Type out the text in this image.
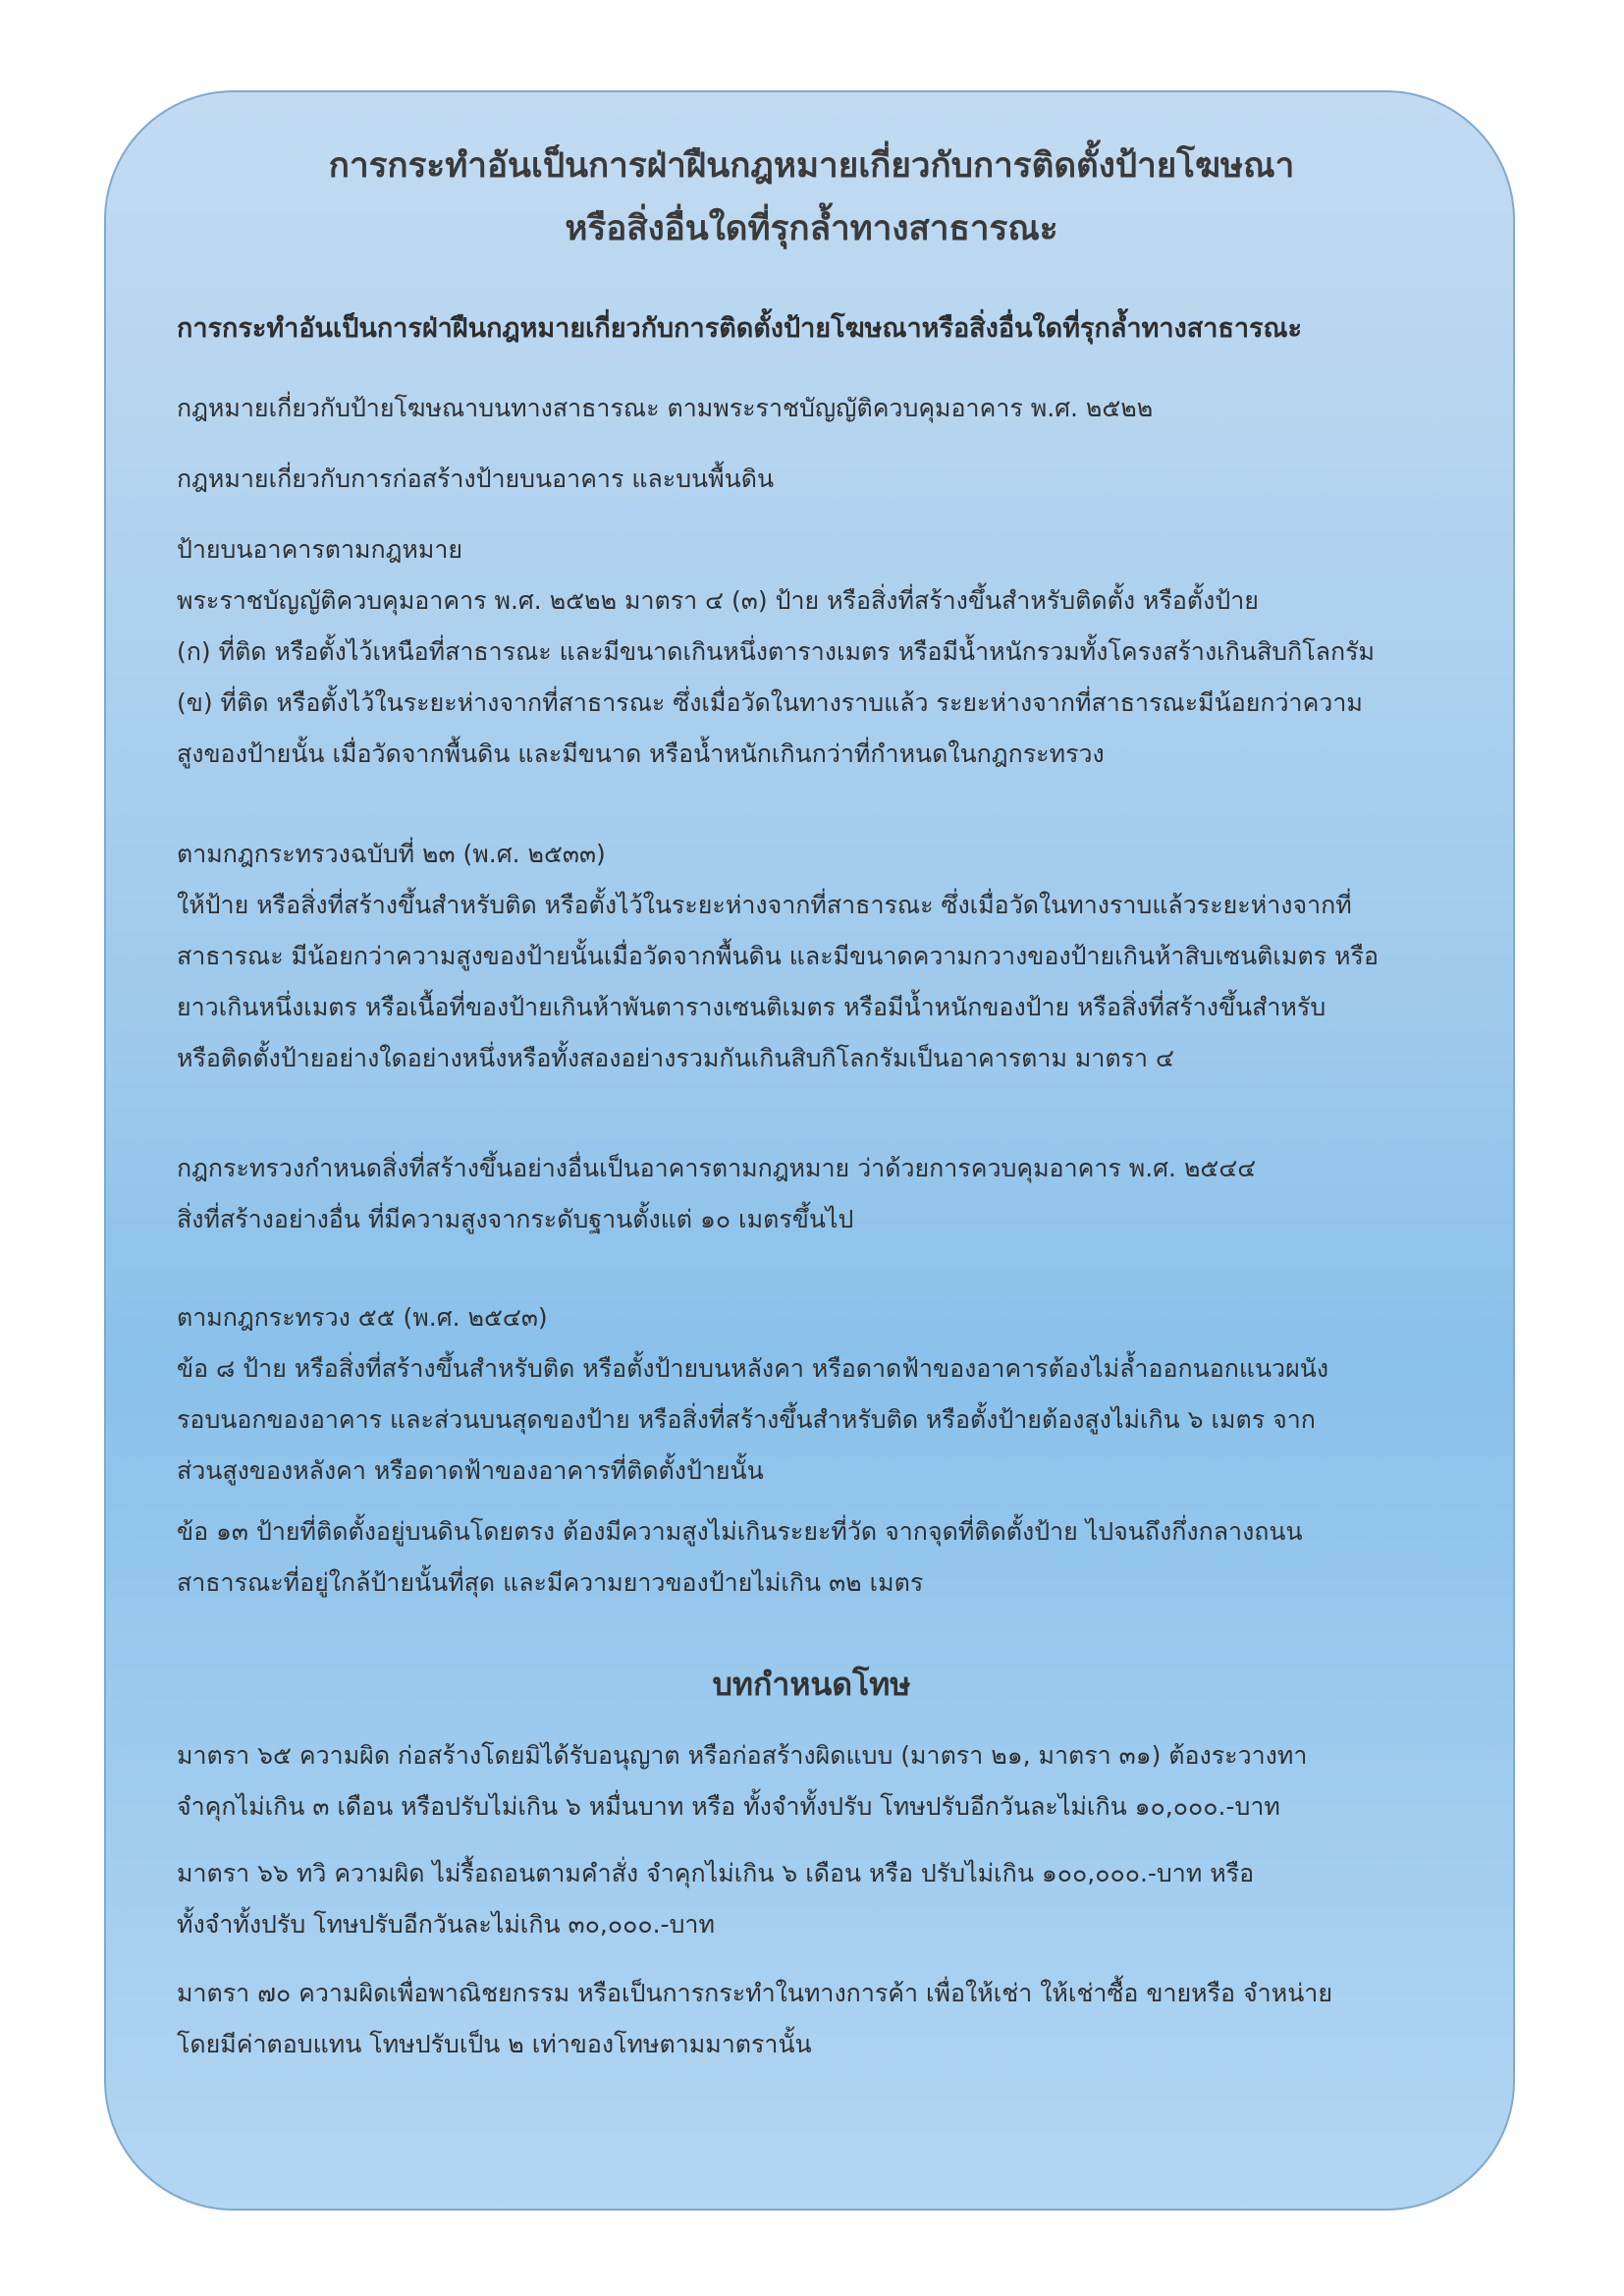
การกระทำอันเป็นการฝ่าฝืนกฎหมายเกี่ยวกับการติดตั้งป้ายโฆษณา
หรือสิ่งอื่นใดที่รุกล้ำทางสาธารณะ
การกระทำอันเป็นการฝ่าฝืนกฎหมายเกี่ยวกับการติดตั้งป้ายโฆษณาหรือสิ่งอื่นใดที่รุกล้ำทางสาธารณะ
กฎหมายเกี่ยวกับป้ายโฆษณาบนทางสาธารณะ ตามพระราชบัญญัติควบคุมอาคาร พ.ศ. ๒๕๒๒
กฎหมายเกี่ยวกับการก่อสร้างป้ายบนอาคาร และบนพื้นดิน
ป้ายบนอาคารตามกฎหมาย
พระราชบัญญัติควบคุมอาคาร พ.ศ. ๒๕๒๒ มาตรา ๔ (๓) ป้าย หรือสิ่งที่สร้างขึ้นสำหรับติดตั้ง หรือตั้งป้าย
(ก) ที่ติด หรือตั้งไว้เหนือที่สาธารณะ และมีขนาดเกินหนึ่งตารางเมตร หรือมีน้ำหนักรวมทั้งโครงสร้างเกินสิบกิโลกรัม
(ข) ที่ติด หรือตั้งไว้ในระยะห่างจากที่สาธารณะ ซึ่งเมื่อวัดในทางราบแล้ว ระยะห่างจากที่สาธารณะมีน้อยกว่าความ
สูงของป้ายนั้น เมื่อวัดจากพื้นดิน และมีขนาด หรือน้ำหนักเกินกว่าที่กำหนดในกฎกระทรวง
ตามกฎกระทรวงฉบับที่ ๒๓ (พ.ศ. ๒๕๓๓)
ให้ป้าย หรือสิ่งที่สร้างขึ้นสำหรับติด หรือตั้งไว้ในระยะห่างจากที่สาธารณะ ซึ่งเมื่อวัดในทางราบแล้วระยะห่างจากที่
สาธารณะ มีน้อยกว่าความสูงของป้ายนั้นเมื่อวัดจากพื้นดิน และมีขนาดความกวางของป้ายเกินห้าสิบเซนติเมตร หรือ
ยาวเกินหนึ่งเมตร หรือเนื้อที่ของป้ายเกินห้าพันตารางเซนติเมตร หรือมีน้ำหนักของป้าย หรือสิ่งที่สร้างขึ้นสำหรับ
หรือติดตั้งป้ายอย่างใดอย่างหนึ่งหรือทั้งสองอย่างรวมกันเกินสิบกิโลกรัมเป็นอาคารตาม มาตรา ๔
กฎกระทรวงกำหนดสิ่งที่สร้างขึ้นอย่างอื่นเป็นอาคารตามกฎหมาย ว่าด้วยการควบคุมอาคาร พ.ศ. ๒๕๔๔
สิ่งที่สร้างอย่างอื่น ที่มีความสูงจากระดับฐานตั้งแต่ ๑๐ เมตรขึ้นไป
ตามกฎกระทรวง ๕๕ (พ.ศ. ๒๕๔๓)
ข้อ ๘ ป้าย หรือสิ่งที่สร้างขึ้นสำหรับติด หรือตั้งป้ายบนหลังคา หรือดาดฟ้าของอาคารต้องไม่ล้ำออกนอกแนวผนัง
รอบนอกของอาคาร และส่วนบนสุดของป้าย หรือสิ่งที่สร้างขึ้นสำหรับติด หรือตั้งป้ายต้องสูงไม่เกิน ๖ เมตร จาก
ส่วนสูงของหลังคา หรือดาดฟ้าของอาคารที่ติดตั้งป้ายนั้น
ข้อ ๑๓ ป้ายที่ติดตั้งอยู่บนดินโดยตรง ต้องมีความสูงไม่เกินระยะที่วัด จากจุดที่ติดตั้งป้าย ไปจนถึงกึ่งกลางถนน
สาธารณะที่อยู่ใกล้ป้ายนั้นที่สุด และมีความยาวของป้ายไม่เกิน ๓๒ เมตร
บทกำหนดโทษ
มาตรา ๖๕ ความผิด ก่อสร้างโดยมิได้รับอนุญาต หรือก่อสร้างผิดแบบ (มาตรา ๒๑, มาตรา ๓๑) ต้องระวางทา
จำคุกไม่เกิน ๓ เดือน หรือปรับไม่เกิน ๖ หมื่นบาท หรือ ทั้งจำทั้งปรับ โทษปรับอีกวันละไม่เกิน ๑๐,๐๐๐.-บาท
มาตรา ๖๖ ทวิ ความผิด ไม่รื้อถอนตามคำสั่ง จำคุกไม่เกิน ๖ เดือน หรือ ปรับไม่เกิน ๑๐๐,๐๐๐.-บาท หรือ
ทั้งจำทั้งปรับ โทษปรับอีกวันละไม่เกิน ๓๐,๐๐๐.-บาท
มาตรา ๗๐ ความผิดเพื่อพาณิชยกรรม หรือเป็นการกระทำในทางการค้า เพื่อให้เช่า ให้เช่าซื้อ ขายหรือ จำหน่าย
โดยมีค่าตอบแทน โทษปรับเป็น ๒ เท่าของโทษตามมาตรานั้น
